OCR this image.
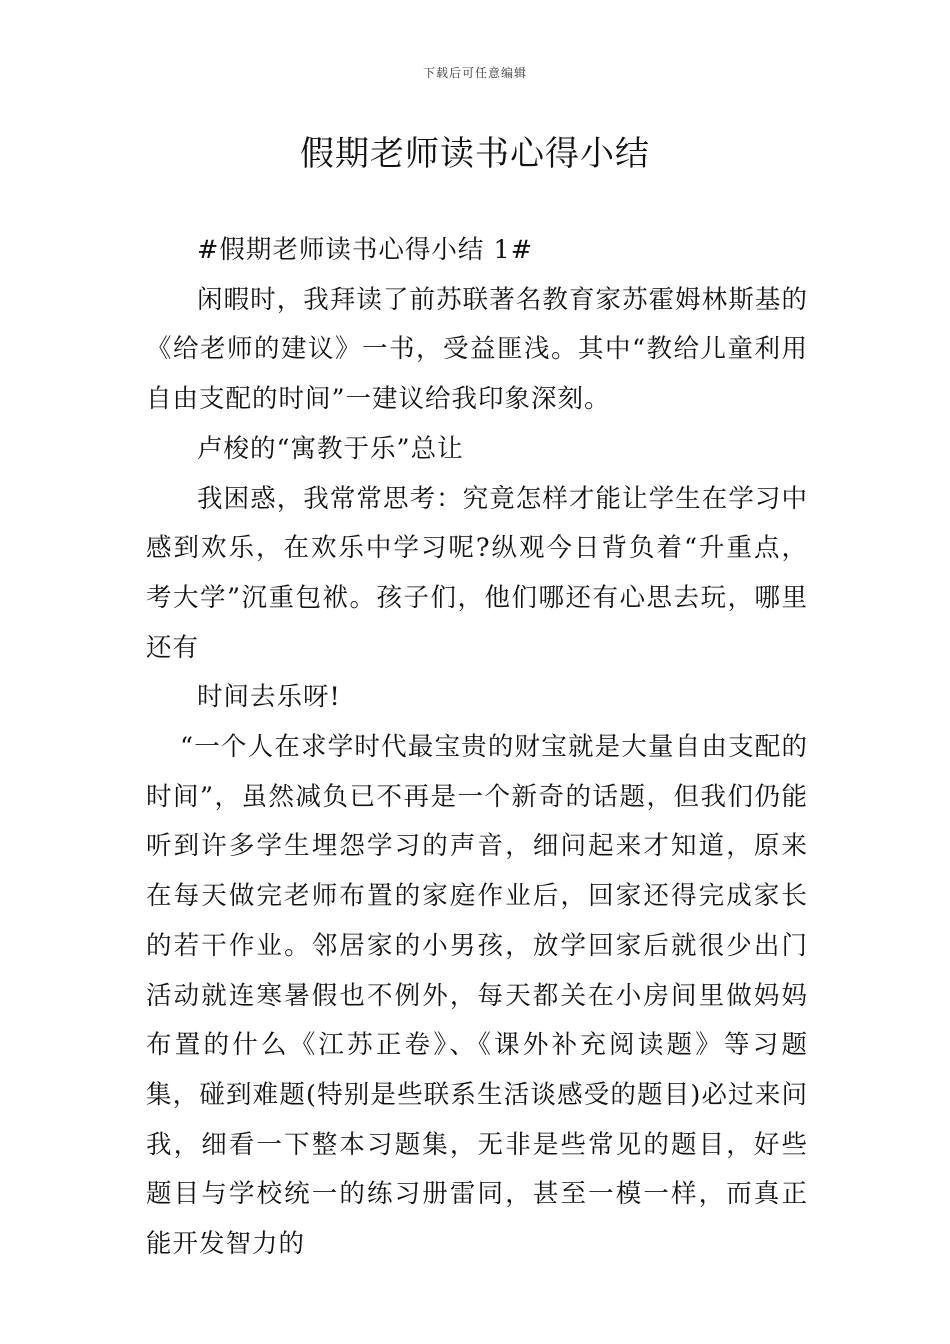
下载后可任意编辑
假期老师读书心得小结

#假期老师读书心得小结 1#

闲暇时，我拜读了前苏联著名教育家苏霍姆林斯基的《给老师的建议》一书，受益匪浅。其中“教给儿童利用自由支配的时间”一建议给我印象深刻。

卢梭的“寓教于乐”总让

我困惑，我常常思考：究竟怎样才能让学生在学习中感到欢乐，在欢乐中学习呢?纵观今日背负着“升重点，考大学”沉重包袱。孩子们，他们哪还有心思去玩，哪里还有

时间去乐呀!

“一个人在求学时代最宝贵的财宝就是大量自由支配的时间”，虽然减负已不再是一个新奇的话题，但我们仍能听到许多学生埋怨学习的声音，细问起来才知道，原来在每天做完老师布置的家庭作业后，回家还得完成家长的若干作业。邻居家的小男孩，放学回家后就很少出门活动就连寒暑假也不例外，每天都关在小房间里做妈妈布置的什么《江苏正卷》、《课外补充阅读题》等习题集，碰到难题(特别是些联系生活谈感受的题目)必过来问我，细看一下整本习题集，无非是些常见的题目，好些题目与学校统一的练习册雷同，甚至一模一样，而真正能开发智力的
